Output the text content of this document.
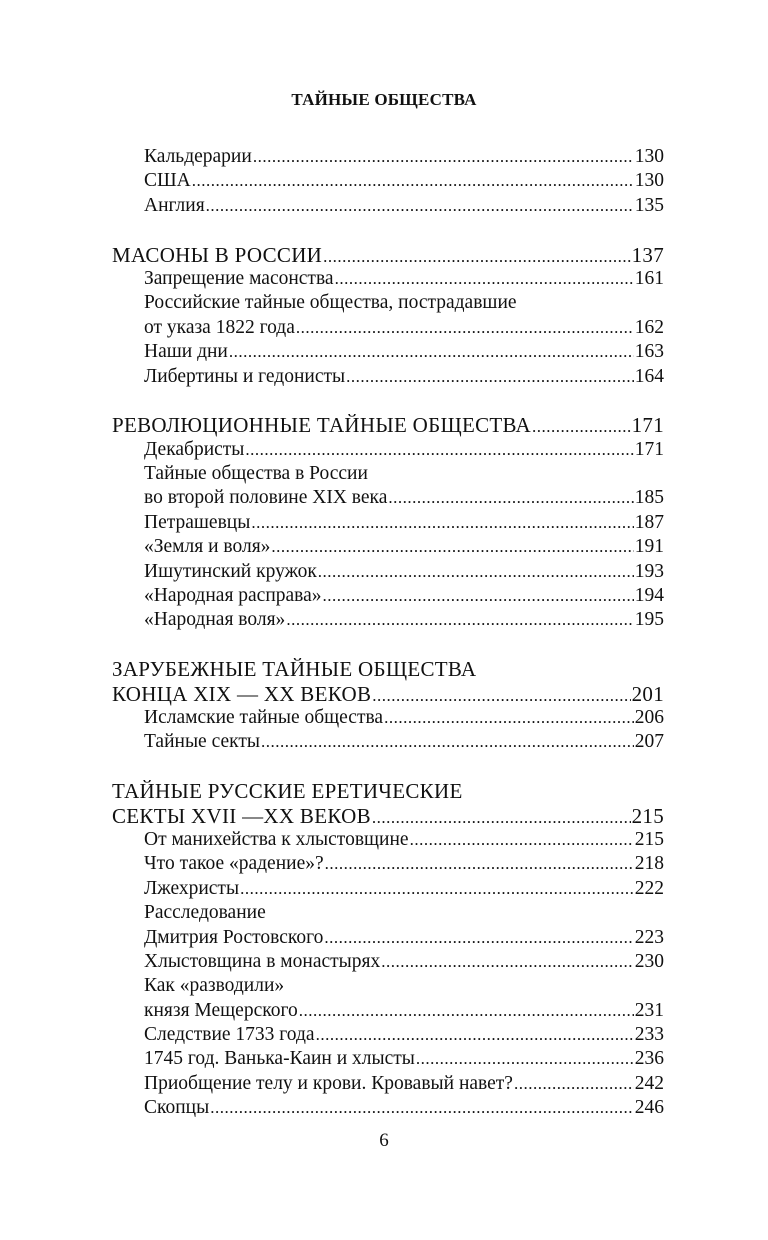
ТАЙНЫЕ ОБЩЕСТВА
Кальдерарии .....	130
США .....	130
Англия .....	135
МАСОНЫ В РОССИИ .....	137
Запрещение масонства .....	161
Российские тайные общества, пострадавшие
от указа 1822 года .....	162
Наши дни .....	163
Либертины и гедонисты .....	164
РЕВОЛЮЦИОННЫЕ ТАЙНЫЕ ОБЩЕСТВА .....	171
Декабристы .....	171
Тайные общества в России
во второй половине XIX века .....	185
Петрашевцы .....	187
«Земля и воля» .....	191
Ишутинский кружок .....	193
«Народная расправа» .....	194
«Народная воля» .....	195
ЗАРУБЕЖНЫЕ ТАЙНЫЕ ОБЩЕСТВА
КОНЦА XIX — XX ВЕКОВ .....	201
Исламские тайные общества .....	206
Тайные секты .....	207
ТАЙНЫЕ РУССКИЕ ЕРЕТИЧЕСКИЕ
СЕКТЫ XVII —XX ВЕКОВ .....	215
От манихейства к хлыстовщине .....	215
Что такое «радение»? .....	218
Лжехристы .....	222
Расследование
Дмитрия Ростовского .....	223
Хлыстовщина в монастырях .....	230
Как «разводили»
князя Мещерского .....	231
Следствие 1733 года .....	233
1745 год. Ванька-Каин и хлысты .....	236
Приобщение телу и крови. Кровавый навет? .....	242
Скопцы .....	246
6
